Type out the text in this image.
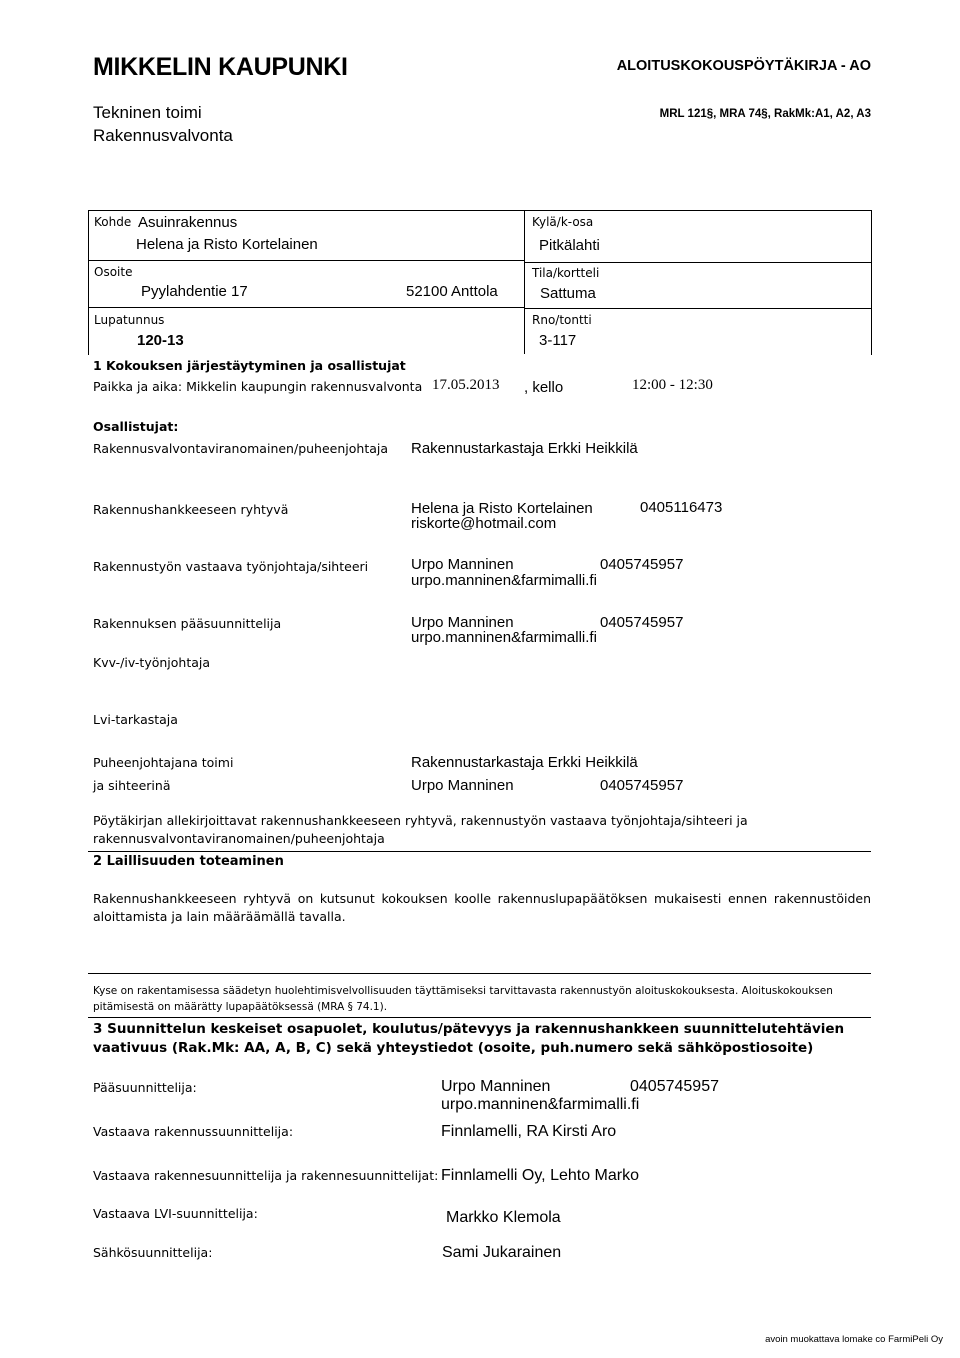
MIKKELIN KAUPUNKI
Tekninen toimi
Rakennusvalvonta
ALOITUSKOKOUSPÖYTÄKIRJA - AO
MRL 121§, MRA 74§, RakMk:A1, A2, A3
Kohde Asuinrakennus
Helena ja Risto Kortelainen
Osoite
Pyylahdentie 17	52100 Anttola
Lupatunnus
120-13
Kylä/k-osa
Pitkälahti
Tila/kortteli
Sattuma
Rno/tontti
3-117
1 Kokouksen järjestäytyminen ja osallistujat
Paikka ja aika: Mikkelin kaupungin rakennusvalvonta 17.05.2013 , kello	12:00 - 12:30
Osallistujat:
Rakennusvalvontaviranomainen/puheenjohtaja Rakennustarkastaja Erkki Heikkilä
Rakennushankkeeseen ryhtyvä	Helena ja Risto Kortelainen	0405116473
riskorte@hotmail.com
Rakennustyön vastaava työnjohtaja/sihteeri	Urpo Manninen	0405745957
urpo.manninen&farmimalli.fi
Rakennuksen pääsuunnittelija	Urpo Manninen	0405745957
urpo.manninen&farmimalli.fi
Kvv-/iv-työnjohtaja
Lvi-tarkastaja
Puheenjohtajana toimi	Rakennustarkastaja Erkki Heikkilä
ja sihteerinä	Urpo Manninen	0405745957
Pöytäkirjan allekirjoittavat rakennushankkeeseen ryhtyvä, rakennustyön vastaava työnjohtaja/sihteeri ja rakennusvalvontaviranomainen/puheenjohtaja
2 Laillisuuden toteaminen
Rakennushankkeeseen ryhtyvä on kutsunut kokouksen koolle rakennuslupapäätöksen mukaisesti ennen rakennustöiden aloittamista ja lain määräämällä tavalla.
Kyse on rakentamisessa säädetyn huolehtimisvelvollisuuden täyttämiseksi tarvittavasta rakennustyön aloituskokouksesta. Aloituskokouksen pitämisestä on määrätty lupapäätöksessä (MRA § 74.1).
3 Suunnittelun keskeiset osapuolet, koulutus/pätevyys ja rakennushankkeen suunnittelutehtävien vaativuus (Rak.Mk: AA, A, B, C) sekä yhteystiedot (osoite, puh.numero sekä sähköpostiosoite)
Pääsuunnittelija:	Urpo Manninen	0405745957
urpo.manninen&farmimalli.fi
Vastaava rakennussuunnittelija:	Finnlamelli, RA Kirsti Aro
Vastaava rakennesuunnittelija ja rakennesuunnittelijat: Finnlamelli Oy, Lehto Marko
Vastaava LVI-suunnittelija:	Markko Klemola
Sähkösuunnittelija:	Sami Jukarainen
avoin muokattava lomake co FarmiPeli Oy
